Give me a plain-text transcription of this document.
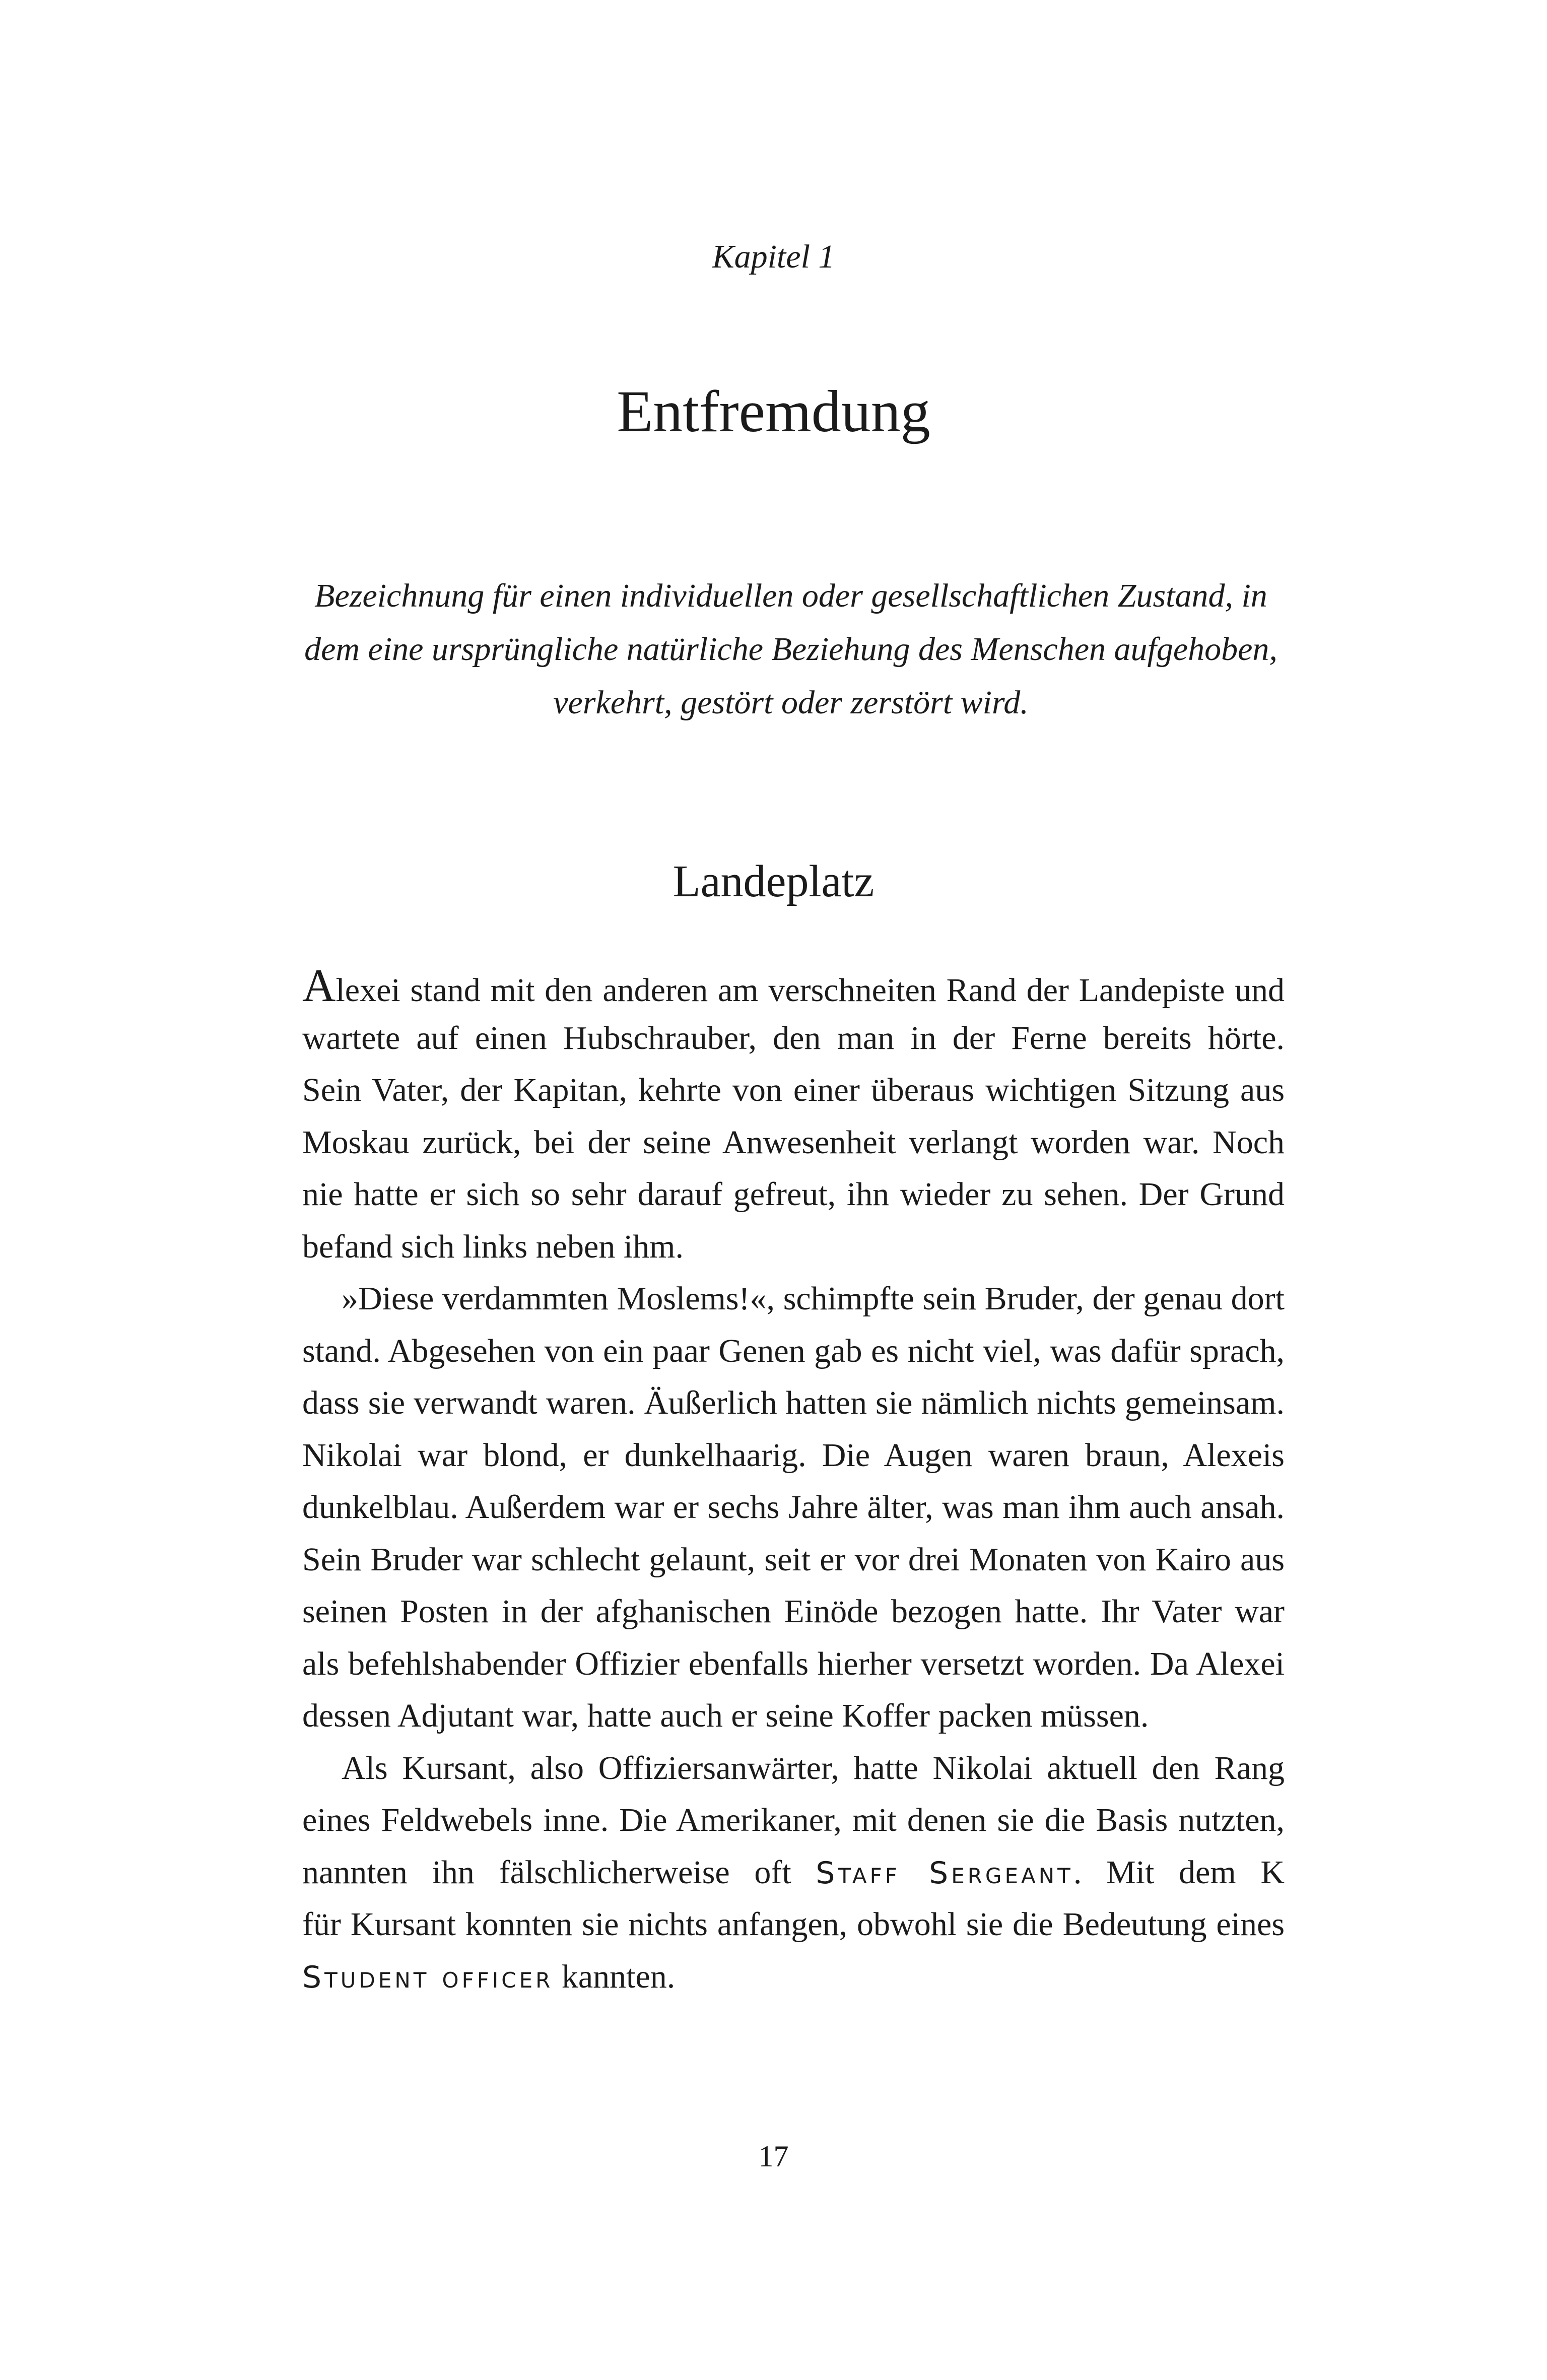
Kapitel 1
Entfremdung
Bezeichnung für einen individuellen oder gesellschaftlichen Zustand, in
dem eine ursprüngliche natürliche Beziehung des Menschen aufgehoben,
verkehrt, gestört oder zerstört wird.
Landeplatz
Alexei stand mit den anderen am verschneiten Rand der Landepiste und
wartete auf einen Hubschrauber, den man in der Ferne bereits hörte.
Sein Vater, der Kapitan, kehrte von einer überaus wichtigen Sitzung aus
Moskau zurück, bei der seine Anwesenheit verlangt worden war. Noch
nie hatte er sich so sehr darauf gefreut, ihn wieder zu sehen. Der Grund
befand sich links neben ihm.
»Diese verdammten Moslems!«, schimpfte sein Bruder, der genau dort
stand. Abgesehen von ein paar Genen gab es nicht viel, was dafür sprach,
dass sie verwandt waren. Äußerlich hatten sie nämlich nichts gemeinsam.
Nikolai war blond, er dunkelhaarig. Die Augen waren braun, Alexeis
dunkelblau. Außerdem war er sechs Jahre älter, was man ihm auch ansah.
Sein Bruder war schlecht gelaunt, seit er vor drei Monaten von Kairo aus
seinen Posten in der afghanischen Einöde bezogen hatte. Ihr Vater war
als befehlshabender Offizier ebenfalls hierher versetzt worden. Da Alexei
dessen Adjutant war, hatte auch er seine Koffer packen müssen.
Als Kursant, also Offiziersanwärter, hatte Nikolai aktuell den Rang
eines Feldwebels inne. Die Amerikaner, mit denen sie die Basis nutzten,
nannten ihn fälschlicherweise oft Staff Sergeant. Mit dem K
für Kursant konnten sie nichts anfangen, obwohl sie die Bedeutung eines
Student officer kannten.
17
